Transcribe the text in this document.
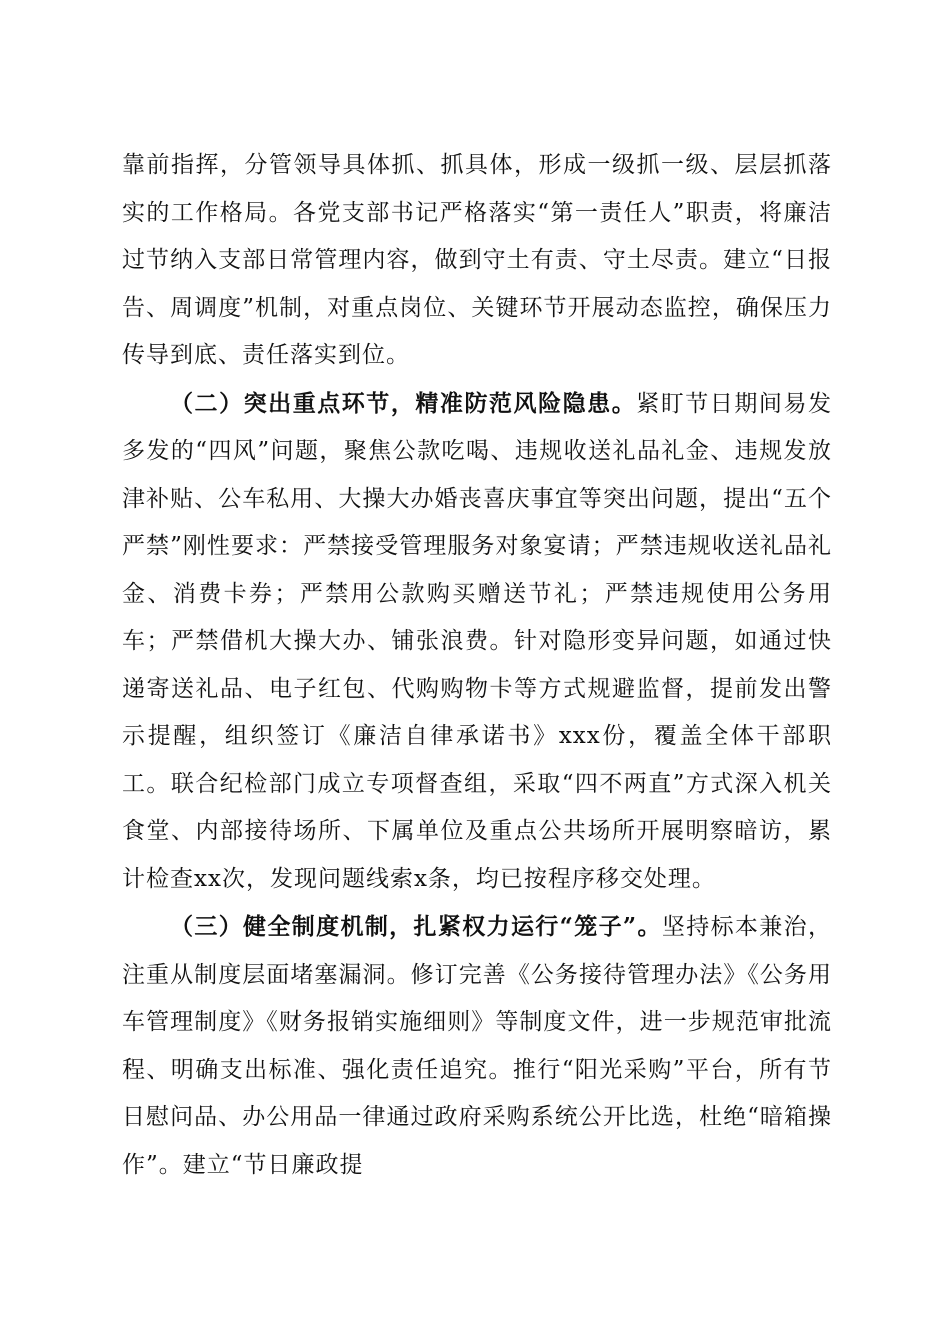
靠前指挥，分管领导具体抓、抓具体，形成一级抓一级、层层抓落实的工作格局。各党支部书记严格落实“第一责任人”职责，将廉洁过节纳入支部日常管理内容，做到守土有责、守土尽责。建立“日报告、周调度”机制，对重点岗位、关键环节开展动态监控，确保压力传导到底、责任落实到位。

（二）突出重点环节，精准防范风险隐患。紧盯节日期间易发多发的“四风”问题，聚焦公款吃喝、违规收送礼品礼金、违规发放津补贴、公车私用、大操大办婚丧喜庆事宜等突出问题，提出“五个严禁”刚性要求：严禁接受管理服务对象宴请；严禁违规收送礼品礼金、消费卡券；严禁用公款购买赠送节礼；严禁违规使用公务用车；严禁借机大操大办、铺张浪费。针对隐形变异问题，如通过快递寄送礼品、电子红包、代购购物卡等方式规避监督，提前发出警示提醒，组织签订《廉洁自律承诺书》xxx份，覆盖全体干部职工。联合纪检部门成立专项督查组，采取“四不两直”方式深入机关食堂、内部接待场所、下属单位及重点公共场所开展明察暗访，累计检查xx次，发现问题线索x条，均已按程序移交处理。

（三）健全制度机制，扎紧权力运行“笼子”。坚持标本兼治，注重从制度层面堵塞漏洞。修订完善《公务接待管理办法》《公务用车管理制度》《财务报销实施细则》等制度文件，进一步规范审批流程、明确支出标准、强化责任追究。推行“阳光采购”平台，所有节日慰问品、办公用品一律通过政府采购系统公开比选，杜绝“暗箱操作”。建立“节日廉政提
